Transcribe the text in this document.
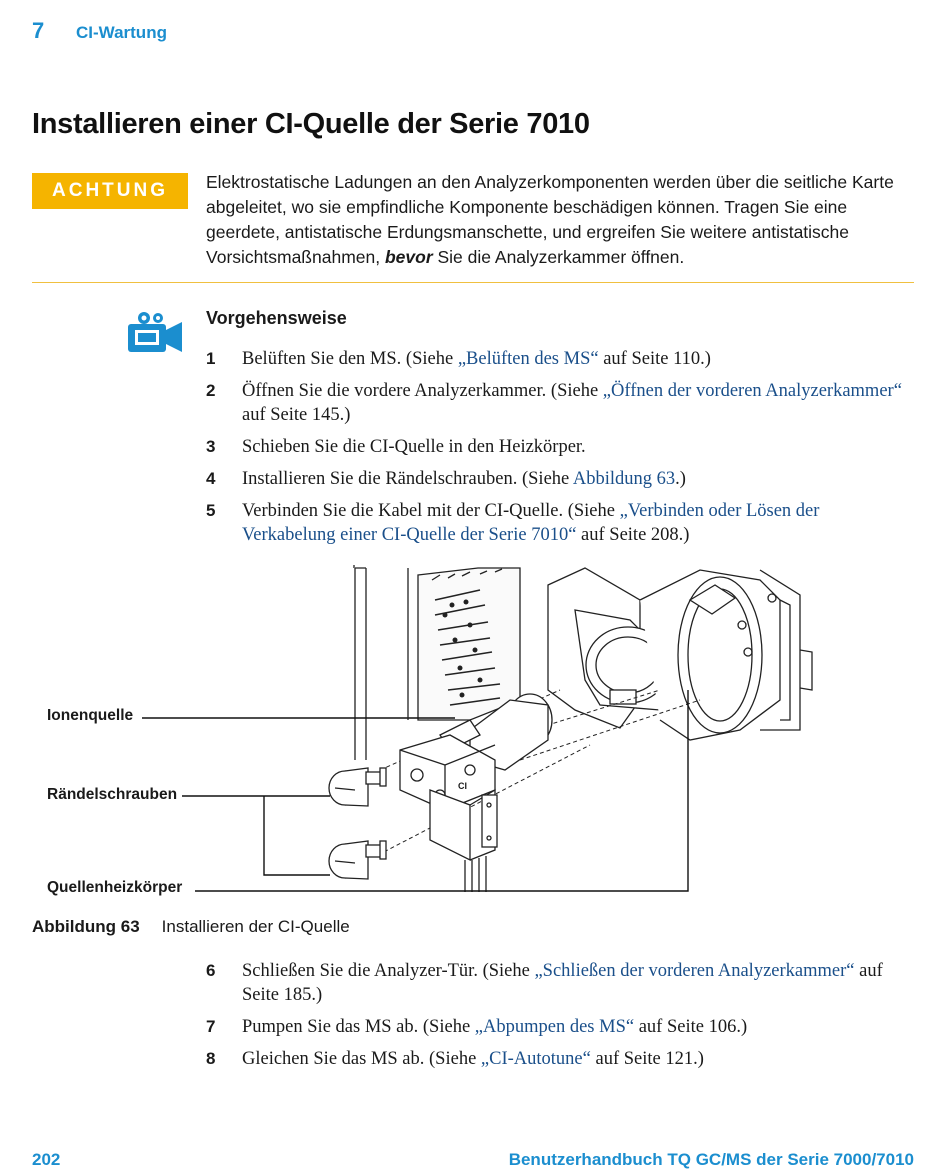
7 CI-Wartung
Installieren einer CI-Quelle der Serie 7010
ACHTUNG	Elektrostatische Ladungen an den Analyzerkomponenten werden über die seitliche Karte abgeleitet, wo sie empfindliche Komponente beschädigen können. Tragen Sie eine geerdete, antistatische Erdungsmanschette, und ergreifen Sie weitere antistatische Vorsichtsmaßnahmen, bevor Sie die Analyzerkammer öffnen.
Vorgehensweise
1	Belüften Sie den MS. (Siehe „Belüften des MS“ auf Seite 110.)
2	Öffnen Sie die vordere Analyzerkammer. (Siehe „Öffnen der vorderen Analyzerkammer“ auf Seite 145.)
3	Schieben Sie die CI-Quelle in den Heizkörper.
4	Installieren Sie die Rändelschrauben. (Siehe Abbildung 63.)
5	Verbinden Sie die Kabel mit der CI-Quelle. (Siehe „Verbinden oder Lösen der Verkabelung einer CI-Quelle der Serie 7010“ auf Seite 208.)
Ionenquelle
Rändelschrauben
Quellenheizkörper
CI
Abbildung 63 Installieren der CI-Quelle
6	Schließen Sie die Analyzer-Tür. (Siehe „Schließen der vorderen Analyzerkammer“ auf Seite 185.)
7	Pumpen Sie das MS ab. (Siehe „Abpumpen des MS“ auf Seite 106.)
8	Gleichen Sie das MS ab. (Siehe „CI-Autotune“ auf Seite 121.)
202	Benutzerhandbuch TQ GC/MS der Serie 7000/7010
